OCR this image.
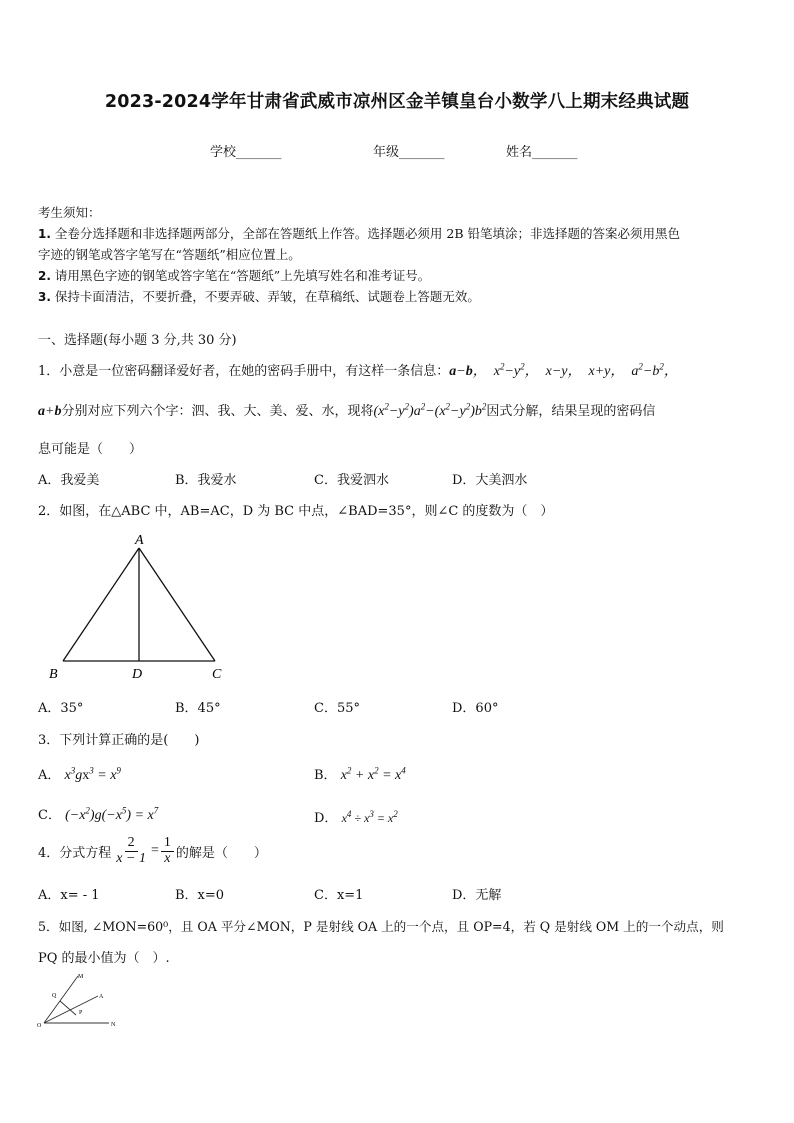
2023-2024学年甘肃省武威市凉州区金羊镇皇台小数学八上期末经典试题
学校_______	年级_______	姓名_______
考生须知：
1. 全卷分选择题和非选择题两部分，全部在答题纸上作答。选择题必须用 2B 铅笔填涂；非选择题的答案必须用黑色
字迹的钢笔或答字笔写在“答题纸”相应位置上。
2. 请用黑色字迹的钢笔或答字笔在“答题纸”上先填写姓名和准考证号。
3. 保持卡面清洁，不要折叠，不要弄破、弄皱，在草稿纸、试题卷上答题无效。
一、选择题(每小题 3 分,共 30 分)
1．小意是一位密码翻译爱好者，在她的密码手册中，有这样一条信息：a−b，  $x^2-y^2$，  x−y，  x+y，  $a^2-b^2$，
a+b分别对应下列六个字：泗、我、大、美、爱、水，现将$(x^2-y^2)a^2-(x^2-y^2)b^2$因式分解，结果呈现的密码信
息可能是（　　）
A．我爱美	B．我爱水	C．我爱泗水	D．大美泗水
2．如图，在△ABC 中，AB=AC，D 为 BC 中点，∠BAD=35°，则∠C 的度数为（　）
A
B	D	C
A．35°	B．45°	C．55°	D．60°
3．下列计算正确的是(　　)
A． $x^3gx^3 = x^9$	B． $x^2 + x^2 = x^4$
C． $(-x^2)g(-x^5) = x^7$
D． $x^4 \div x^3 = x^2$
4．分式方程 $\frac{2}{x - 1} = \frac{1}{x}$ 的解是（　　）
A．x= - 1	B．x=0	C．x=1	D．无解
5．如图, ∠MON=60⁰，且 OA 平分∠MON，P 是射线 OA 上的一个点，且 OP=4，若 Q 是射线 OM 上的一个动点，则
PQ 的最小值为（　）.
M
Q	A
P
O	N
